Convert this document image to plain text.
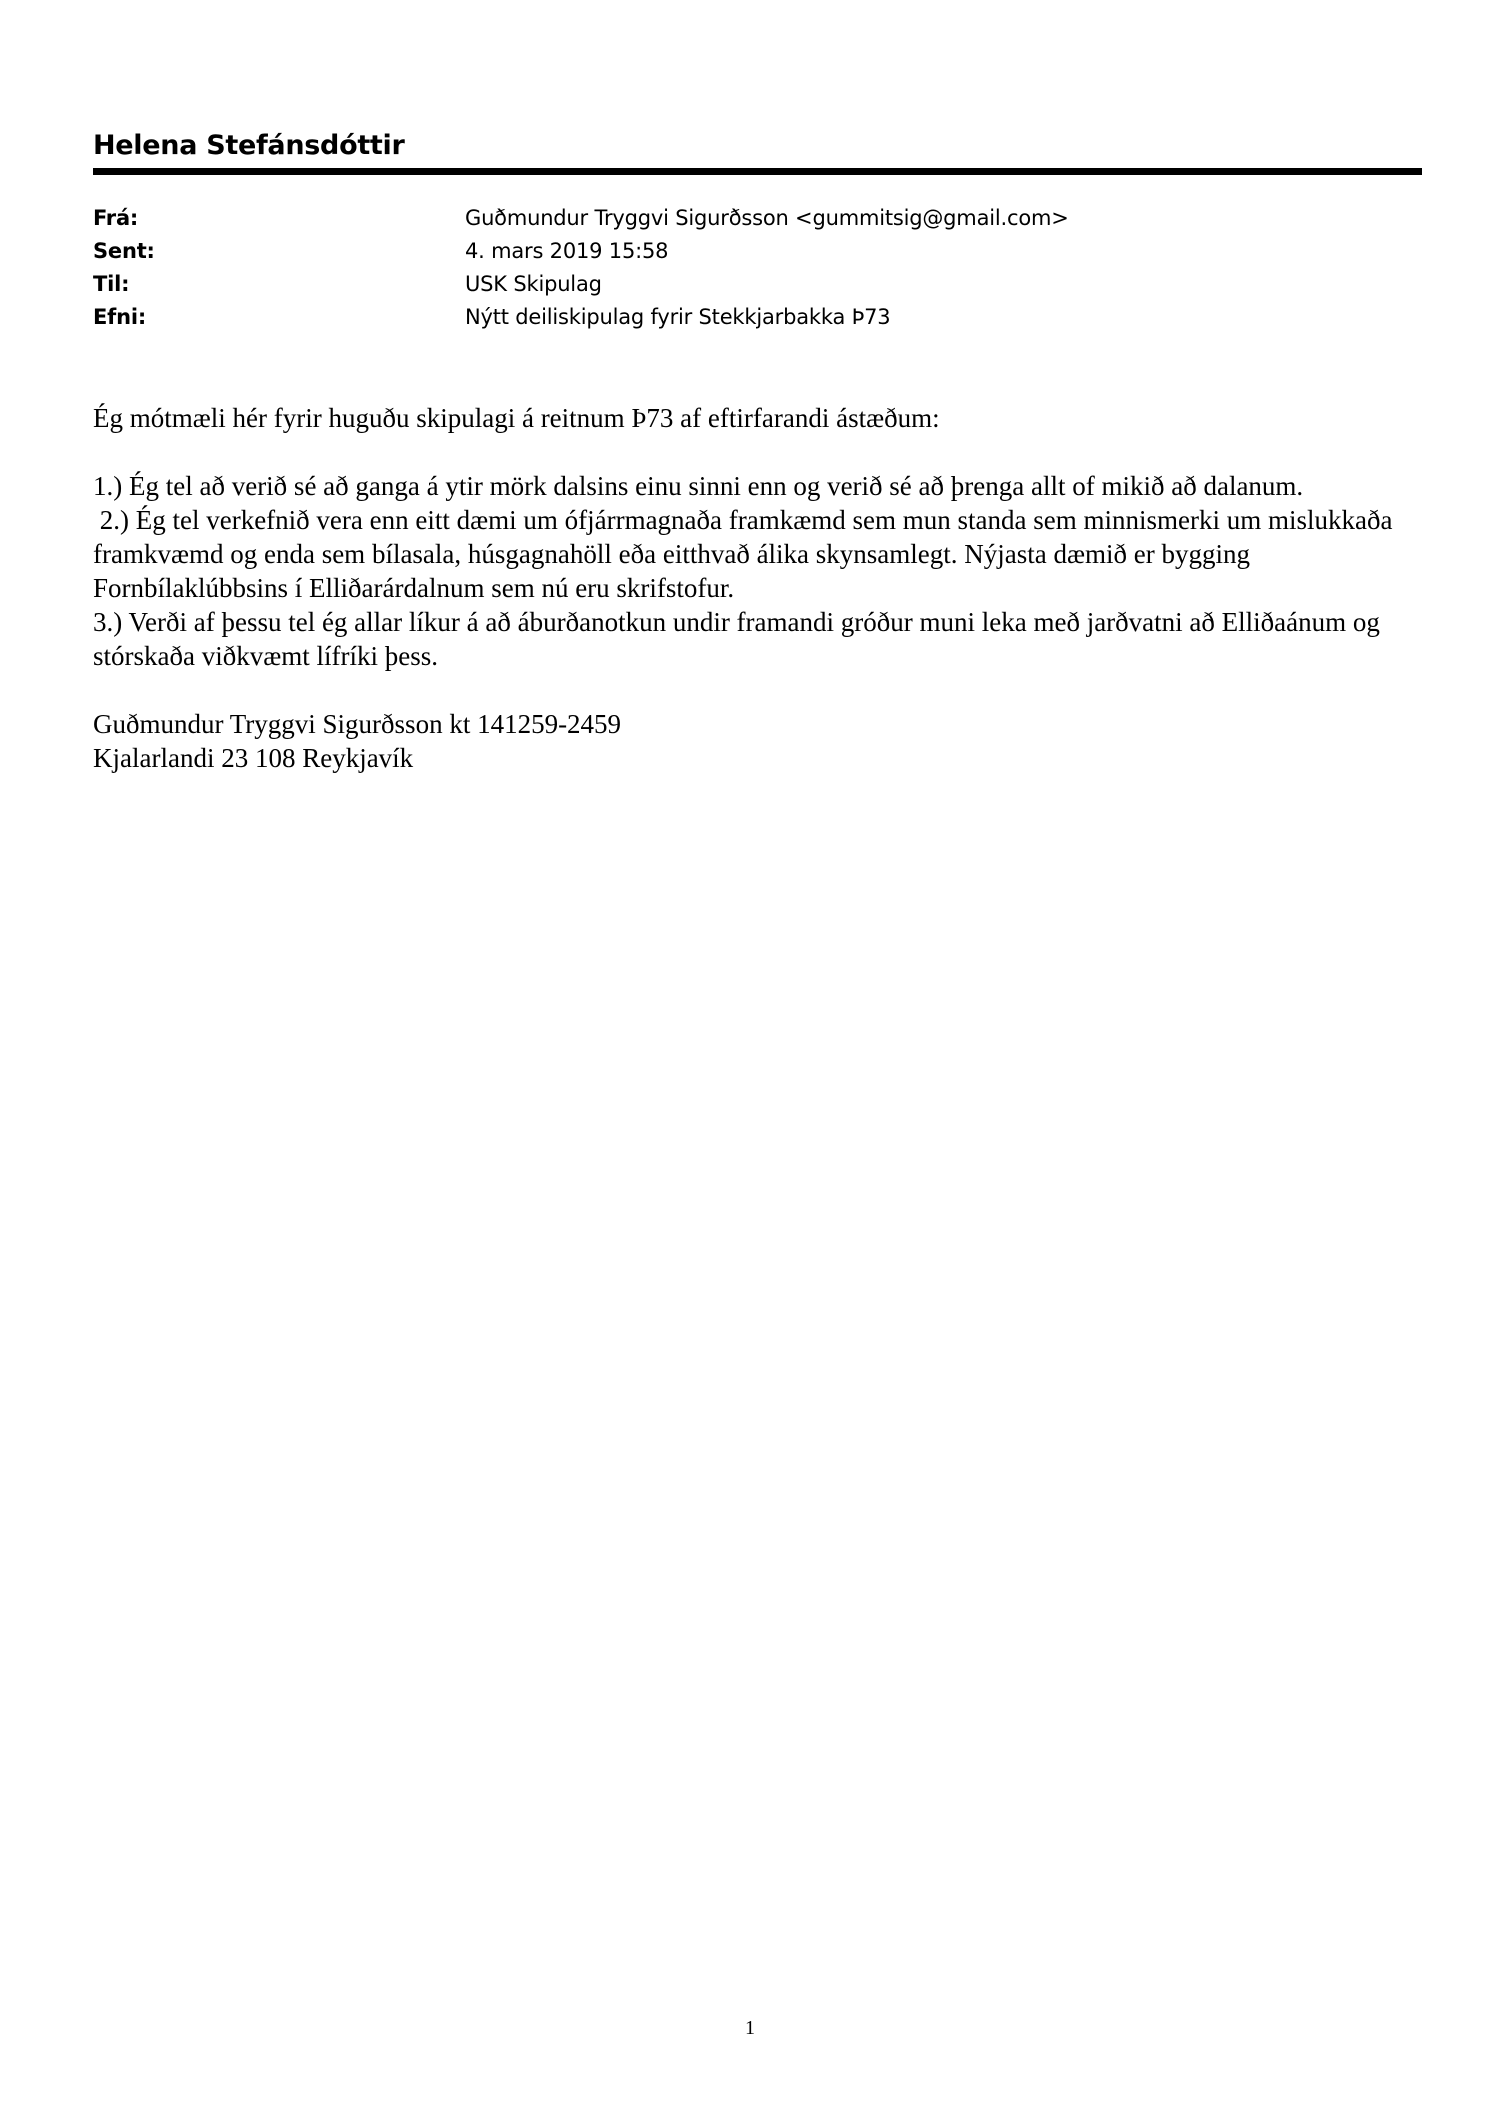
Helena Stefánsdóttir
Frá:	Guðmundur Tryggvi Sigurðsson <gummitsig@gmail.com>
Sent:	4. mars 2019 15:58
Til:	USK Skipulag
Efni:	Nýtt deiliskipulag fyrir Stekkjarbakka Þ73

Ég mótmæli hér fyrir huguðu skipulagi á reitnum Þ73 af eftirfarandi ástæðum:

1.) Ég tel að verið sé að ganga á ytir mörk dalsins einu sinni enn og verið sé að þrenga allt of mikið að dalanum.

2.) Ég tel verkefnið vera enn eitt dæmi um ófjárrmagnaða framkæmd sem mun standa sem minnismerki um mislukkaða framkvæmd og enda sem bílasala, húsgagnahöll eða eitthvað álika skynsamlegt. Nýjasta dæmið er bygging Fornbílaklúbbsins í Elliðarárdalnum sem nú eru skrifstofur.

3.) Verði af þessu tel ég allar líkur á að áburðanotkun undir framandi gróður muni leka með jarðvatni að Elliðaánum og stórskaða viðkvæmt lífríki þess.

Guðmundur Tryggvi Sigurðsson kt 141259-2459

Kjalarlandi 23 108 Reykjavík

1
